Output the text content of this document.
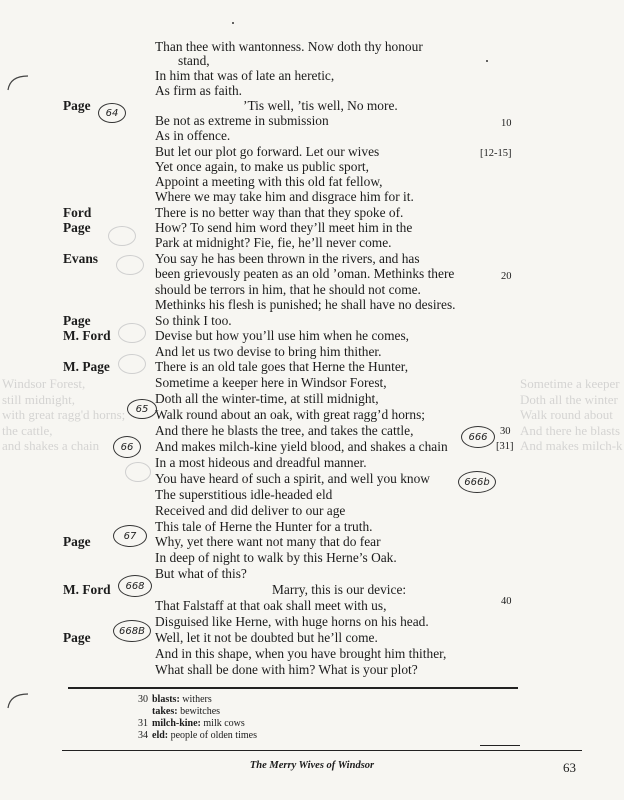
Windsor Forest,
still midnight,
with great ragg'd horns;
the cattle,
and shakes a chain
Sometime a keeper
Doth all the winter
Walk round about
And there he blasts
And makes milch-k
Than thee with wantonness. Now doth thy honour
stand,
In him that was of late an heretic,
As firm as faith.
’Tis well, ’tis well, No more.
Be not as extreme in submission
As in offence.
But let our plot go forward. Let our wives
Yet once again, to make us public sport,
Appoint a meeting with this old fat fellow,
Where we may take him and disgrace him for it.
There is no better way than that they spoke of.
How? To send him word they’ll meet him in the
Park at midnight? Fie, fie, he’ll never come.
You say he has been thrown in the rivers, and has
been grievously peaten as an old ’oman. Methinks there
should be terrors in him, that he should not come.
Methinks his flesh is punished; he shall have no desires.
So think I too.
Devise but how you’ll use him when he comes,
And let us two devise to bring him thither.
There is an old tale goes that Herne the Hunter,
Sometime a keeper here in Windsor Forest,
Doth all the winter-time, at still midnight,
Walk round about an oak, with great ragg’d horns;
And there he blasts the tree, and takes the cattle,
And makes milch-kine yield blood, and shakes a chain
In a most hideous and dreadful manner.
You have heard of such a spirit, and well you know
The superstitious idle-headed eld
Received and did deliver to our age
This tale of Herne the Hunter for a truth.
Why, yet there want not many that do fear
In deep of night to walk by this Herne’s Oak.
But what of this?
Marry, this is our device:
That Falstaff at that oak shall meet with us,
Disguised like Herne, with huge horns on his head.
Well, let it not be doubted but he’ll come.
And in this shape, when you have brought him thither,
What shall be done with him? What is your plot?
Page
Ford
Page
Evans
Page
M. Ford
M. Page
Page
M. Ford
Page
64
65
66
666
666b
67
668
668B
10
[12-15]
20
30
[31]
40
30 blasts: withers
takes: bewitches
31 milch-kine: milk cows
34 eld: people of olden times
The Merry Wives of Windsor	63
